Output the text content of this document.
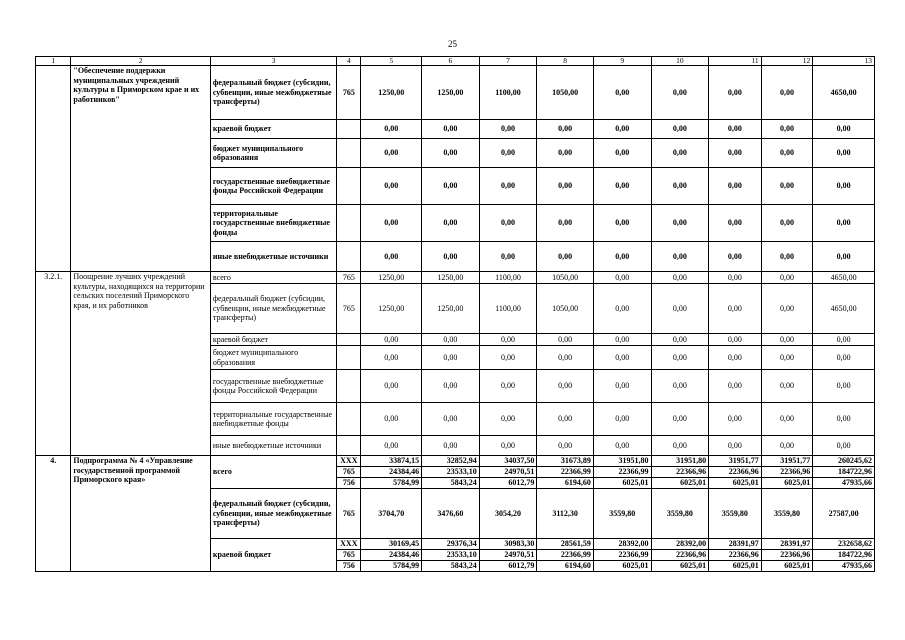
25
1	2	3	4	5	6	7	8	9	10	11	12	13
	"Обеспечение поддержки муниципальных учреждений культуры в Приморском крае и их работников"	федеральный бюджет (субсидии, субвенции, иные межбюджетные трансферты)	765	1250,00	1250,00	1100,00	1050,00	0,00	0,00	0,00	0,00	4650,00
		краевой бюджет		0,00	0,00	0,00	0,00	0,00	0,00	0,00	0,00	0,00
		бюджет муниципального образования		0,00	0,00	0,00	0,00	0,00	0,00	0,00	0,00	0,00
		государственные внебюджетные фонды Российской Федерации		0,00	0,00	0,00	0,00	0,00	0,00	0,00	0,00	0,00
		территориальные государственные внебюджетные фонды		0,00	0,00	0,00	0,00	0,00	0,00	0,00	0,00	0,00
		иные внебюджетные источники		0,00	0,00	0,00	0,00	0,00	0,00	0,00	0,00	0,00
3.2.1.	Поощрение лучших учреждений культуры, находящихся на территории сельских поселений Приморского края, и их работников	всего	765	1250,00	1250,00	1100,00	1050,00	0,00	0,00	0,00	0,00	4650,00
		федеральный бюджет (субсидии, субвенции, иные межбюджетные трансферты)	765	1250,00	1250,00	1100,00	1050,00	0,00	0,00	0,00	0,00	4650,00
		краевой бюджет		0,00	0,00	0,00	0,00	0,00	0,00	0,00	0,00	0,00
		бюджет муниципального образования		0,00	0,00	0,00	0,00	0,00	0,00	0,00	0,00	0,00
		государственные внебюджетные фонды Российской Федерации		0,00	0,00	0,00	0,00	0,00	0,00	0,00	0,00	0,00
		территориальные государственные внебюджетные фонды		0,00	0,00	0,00	0,00	0,00	0,00	0,00	0,00	0,00
		иные внебюджетные источники		0,00	0,00	0,00	0,00	0,00	0,00	0,00	0,00	0,00
4.	Подпрограмма № 4 «Управление государственной программой Приморского края»	всего	XXX	33874,15	32852,94	34037,50	31673,89	31951,80	31951,80	31951,77	31951,77	260245,62
			765	24384,46	23533,10	24970,51	22366,99	22366,99	22366,96	22366,96	22366,96	184722,96
			756	5784,99	5843,24	6012,79	6194,60	6025,01	6025,01	6025,01	6025,01	47935,66
		федеральный бюджет (субсидии, субвенции, иные межбюджетные трансферты)	765	3704,70	3476,60	3054,20	3112,30	3559,80	3559,80	3559,80	3559,80	27587,00
		краевой бюджет	XXX	30169,45	29376,34	30983,30	28561,59	28392,00	28392,00	28391,97	28391,97	232658,62
			765	24384,46	23533,10	24970,51	22366,99	22366,99	22366,96	22366,96	22366,96	184722,96
			756	5784,99	5843,24	6012,79	6194,60	6025,01	6025,01	6025,01	6025,01	47935,66
